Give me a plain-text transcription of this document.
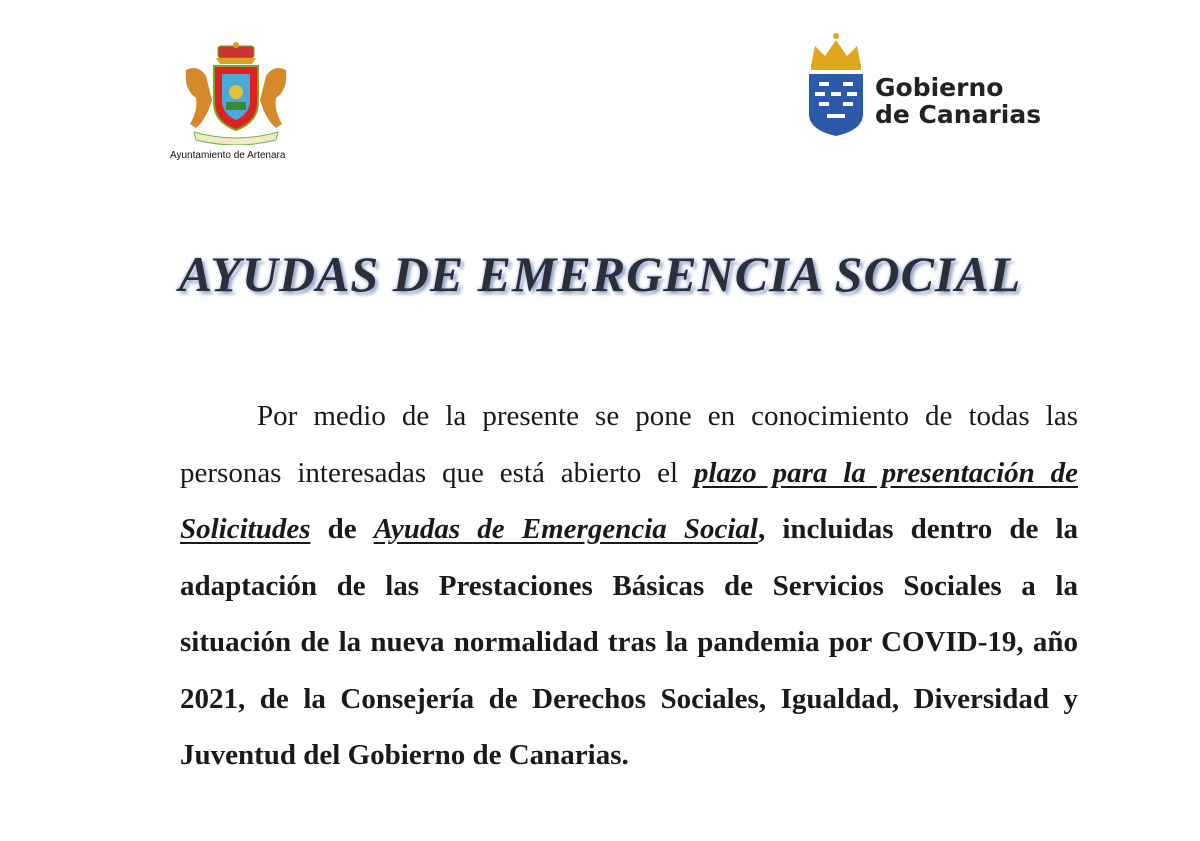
Ayuntamiento de Artenara
Gobierno
de Canarias
AYUDAS DE EMERGENCIA SOCIAL

Por medio de la presente se pone en conocimiento de todas las personas interesadas que está abierto el plazo para la presentación de Solicitudes de Ayudas de Emergencia Social, incluidas dentro de la adaptación de las Prestaciones Básicas de Servicios Sociales a la situación de la nueva normalidad tras la pandemia por COVID-19, año 2021, de la Consejería de Derechos Sociales, Igualdad, Diversidad y Juventud del Gobierno de Canarias.
